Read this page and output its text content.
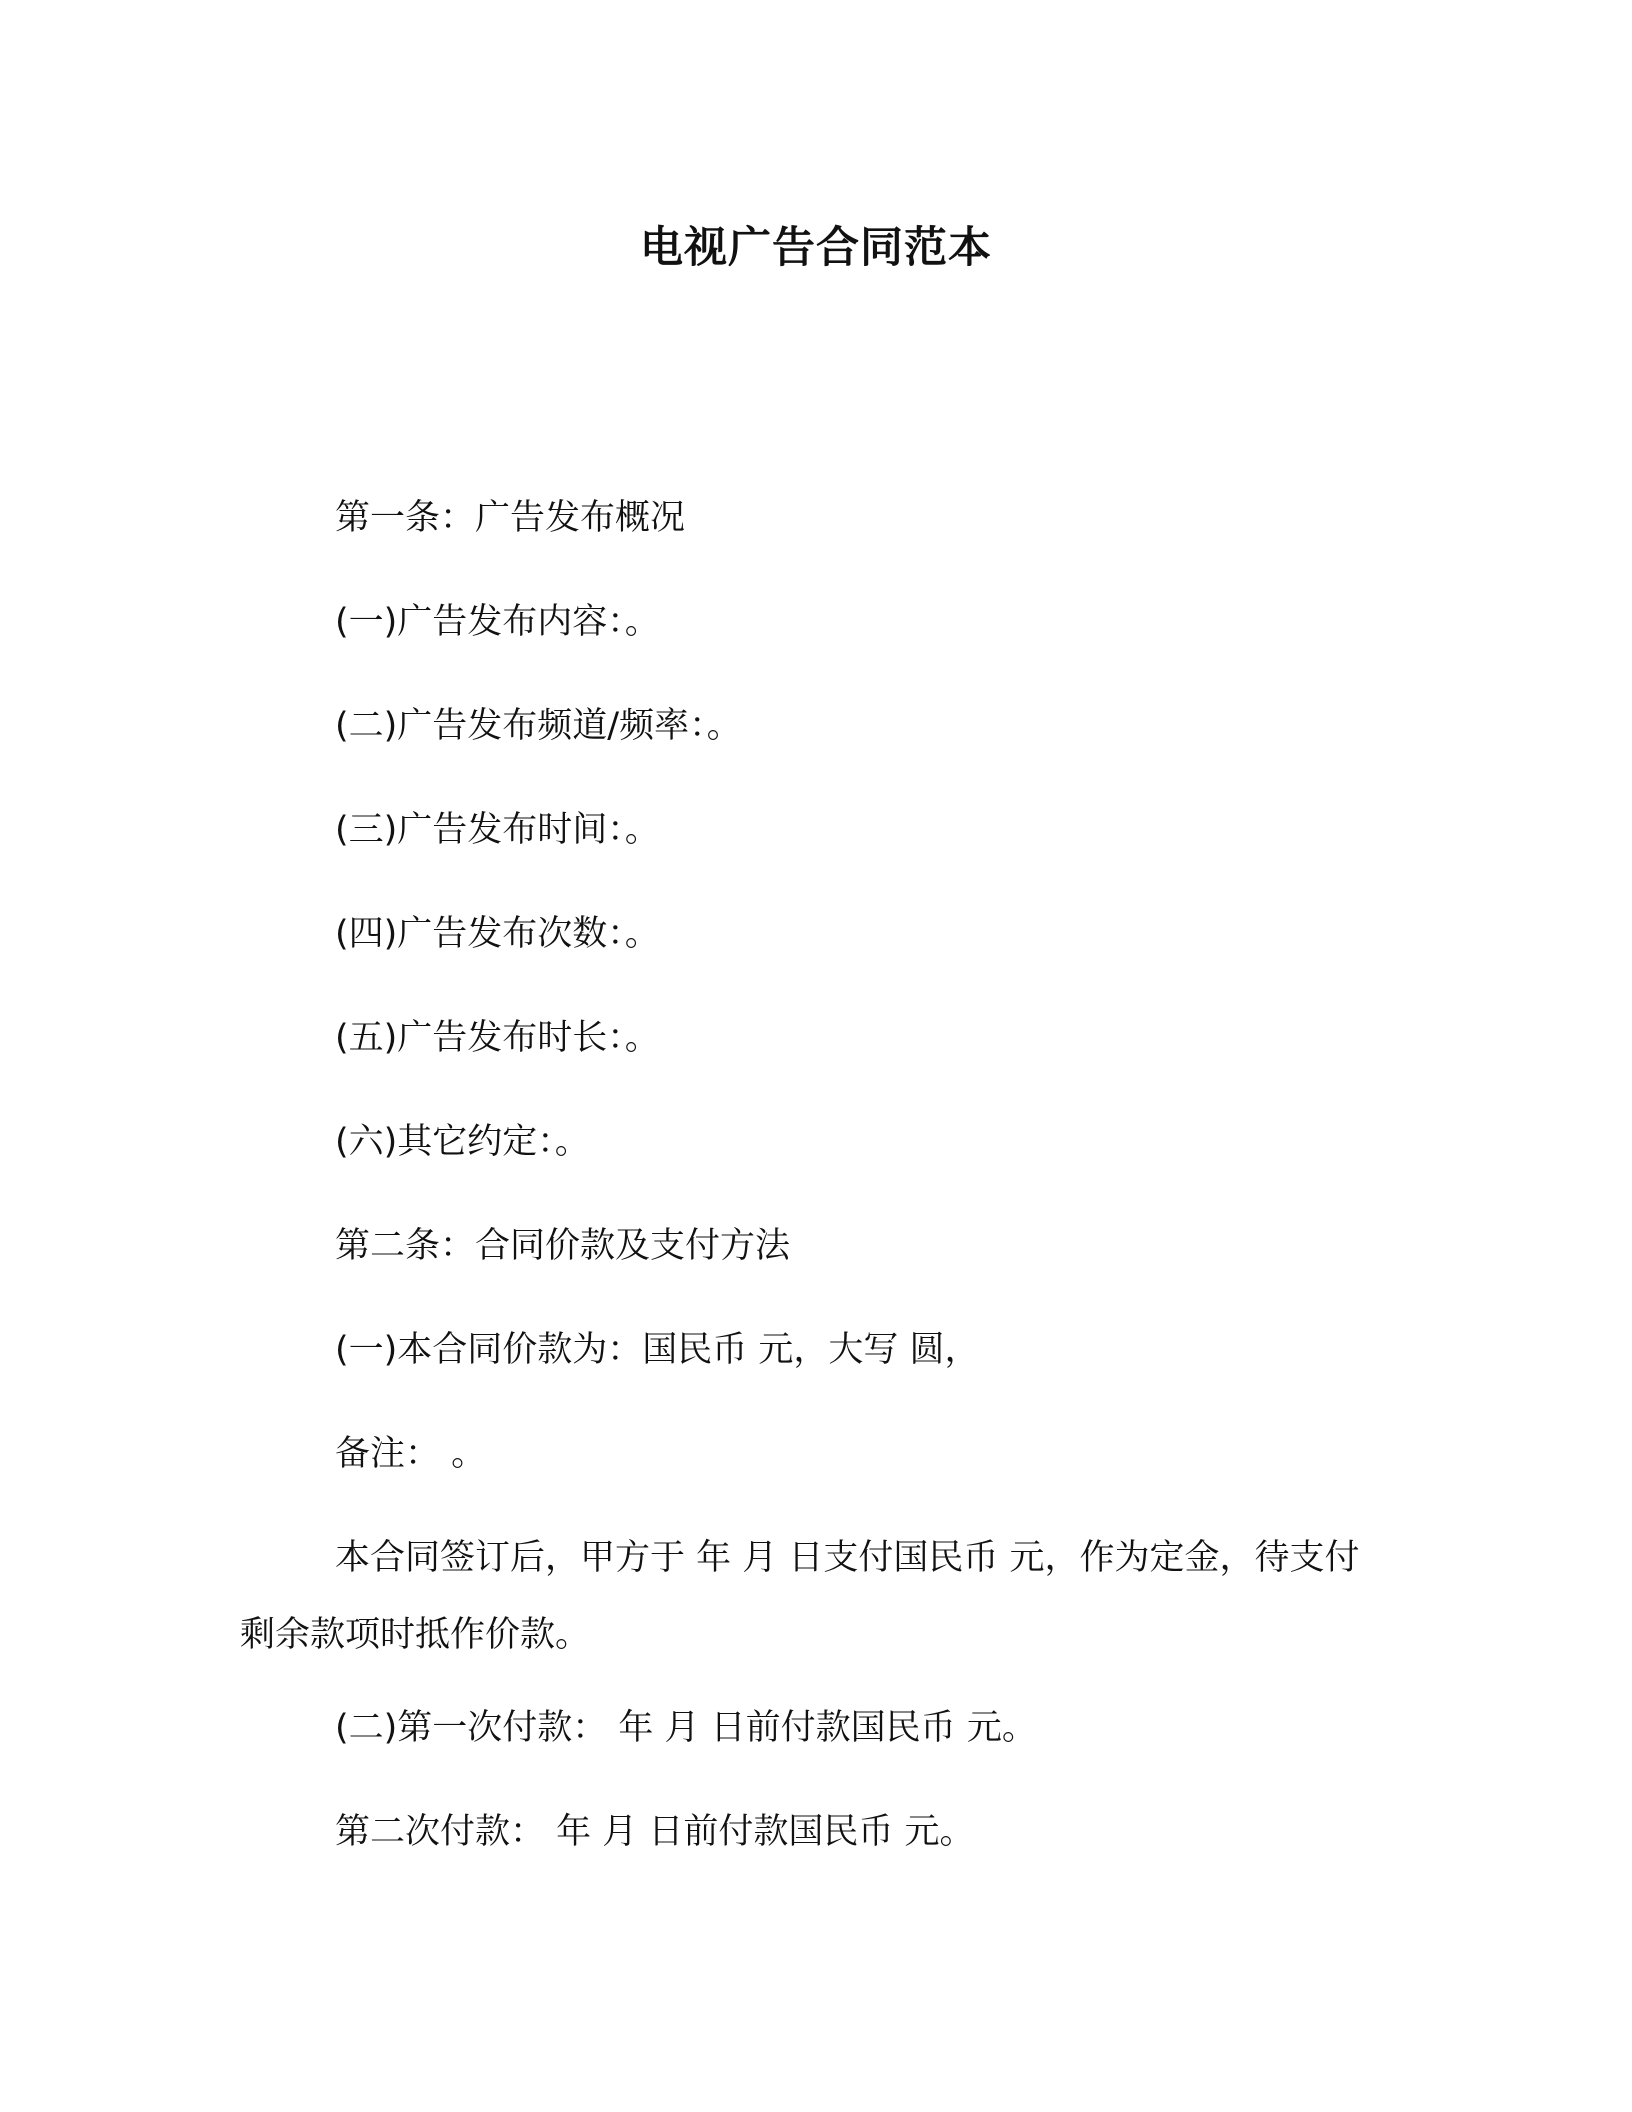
电视广告合同范本

第一条：广告发布概况

(一)广告发布内容：。

(二)广告发布频道/频率：。

(三)广告发布时间：。

(四)广告发布次数：。

(五)广告发布时长：。

(六)其它约定：。

第二条：合同价款及支付方法

(一)本合同价款为：国民币 元，大写 圆，

备注： 。

本合同签订后，甲方于 年 月 日支付国民币 元，作为定金，待支付剩余款项时抵作价款。

(二)第一次付款： 年 月 日前付款国民币 元。

第二次付款： 年 月 日前付款国民币 元。
